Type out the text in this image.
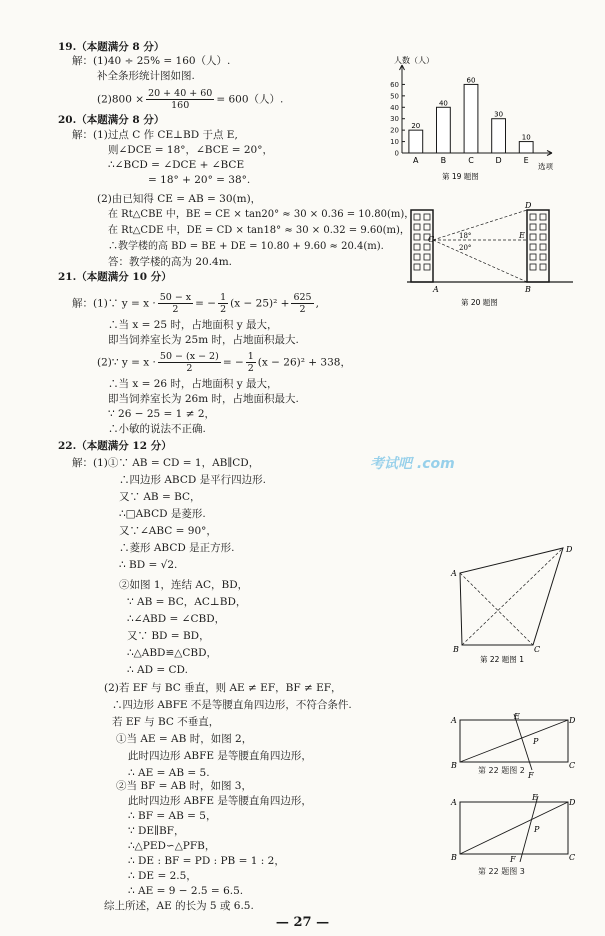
19.（本题满分 8 分）
解：(1)40 ÷ 25% = 160（人）.
补全条形统计图如图.
$(2)800 \times \frac{20 + 40 + 60}{160} = 600$（人）.
20.（本题满分 8 分）
解：(1)过点 C 作 CE⊥BD 于点 E,
则∠DCE = 18°，∠BCE = 20°，
∴∠BCD = ∠DCE + ∠BCE
= 18° + 20° = 38°.
(2)由已知得 CE = AB = 30(m)，
在 Rt△CBE 中，BE = CE × tan20° ≈ 30 × 0.36 = 10.80(m)，
在 Rt△CDE 中，DE = CD × tan18° ≈ 30 × 0.32 = 9.60(m)，
∴教学楼的高 BD = BE + DE = 10.80 + 9.60 ≈ 20.4(m).
答：教学楼的高为 20.4m.
21.（本题满分 10 分）
解：(1)∵ $y = x \cdot \frac{50 - x}{2}$ = − $\frac{1}{2} (x - 25)^2 + \frac{625}{2}$ ,
∴当 x = 25 时，占地面积 y 最大，
即当饲养室长为 25m 时，占地面积最大.
(2)∵ $y = x \cdot \frac{50 - (x - 2)}{2}$ = − $\frac{1}{2} (x - 26)^2 + 338$，
∴当 x = 26 时，占地面积 y 最大，
即当饲养室长为 26m 时，占地面积最大.
∵ 26 − 25 = 1 ≠ 2，
∴小敏的说法不正确.
22.（本题满分 12 分）
解：(1)①∵ AB = CD = 1，AB∥CD，
∴四边形 ABCD 是平行四边形.
又∵ AB = BC，
∴□ABCD 是菱形.
又∵∠ABC = 90°，
∴菱形 ABCD 是正方形.
∴ BD = √2.
②如图 1，连结 AC，BD，
∵ AB = BC，AC⊥BD，
∴∠ABD = ∠CBD，
又∵ BD = BD，
∴△ABD≌△CBD，
∴ AD = CD.
(2)若 EF 与 BC 垂直，则 AE ≠ EF，BF ≠ EF，
∴四边形 ABFE 不是等腰直角四边形，不符合条件.
若 EF 与 BC 不垂直，
①当 AE = AB 时，如图 2，
此时四边形 ABFE 是等腰直角四边形，
∴ AE = AB = 5.
②当 BF = AB 时，如图 3，
此时四边形 ABFE 是等腰直角四边形，
∴ BF = AB = 5，
∵ DE∥BF，
∴△PED∽△PFB，
∴ DE : BF = PD : PB = 1 : 2，
∴ DE = 2.5，
考试吧 .com
人数（人）
0
10
20
30
40
50
60
20
A
40
B
60
C
30
D
10
E
选项
第 19 题图
C
D
E
18°
20°
A	B
第 20 题图
A
B	C
D
第 22 题图 1
A
B	C
D
E
F
P
第 22 题图 2
A
B	C
D
E
F
P
第 22 题图 3
— 27 —
∴ AE = 9 − 2.5 = 6.5.
综上所述，AE 的长为 5 或 6.5.
